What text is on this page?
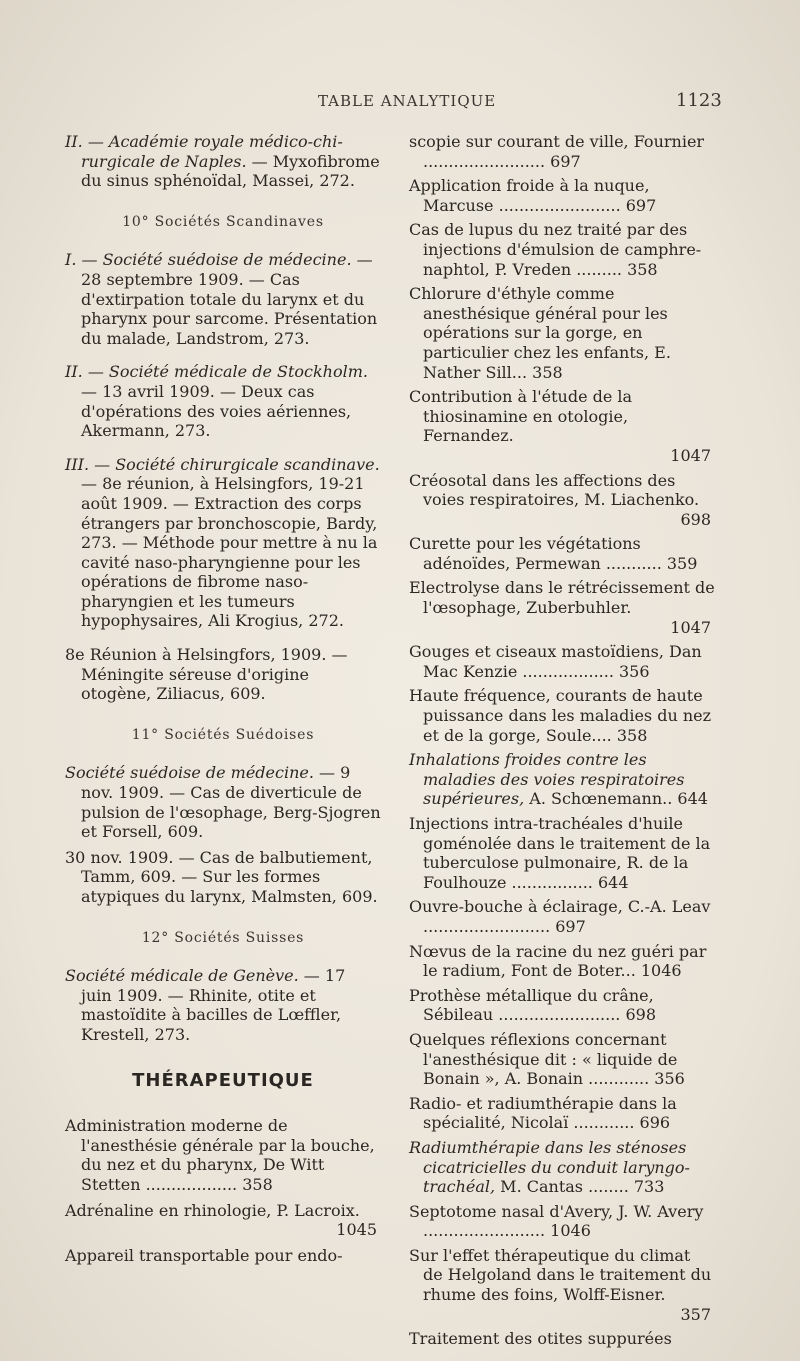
TABLE ANALYTIQUE	1123

II. — Académie royale médico-chi-rurgicale de Naples. — Myxofibrome du sinus sphénoïdal, Massei, 272.

10° Sociétés Scandinaves

I. — Société suédoise de médecine. — 28 septembre 1909. — Cas d'extirpation totale du larynx et du pharynx pour sarcome. Présentation du malade, Landstrom, 273.

II. — Société médicale de Stockholm. — 13 avril 1909. — Deux cas d'opérations des voies aériennes, Akermann, 273.

III. — Société chirurgicale scandinave. — 8e réunion, à Helsingfors, 19-21 août 1909. — Extraction des corps étrangers par bronchoscopie, Bardy, 273. — Méthode pour mettre à nu la cavité naso-pharyngienne pour les opérations de fibrome naso-pharyngien et les tumeurs hypophysaires, Ali Krogius, 272.

8e Réunion à Helsingfors, 1909. — Méningite séreuse d'origine otogène, Ziliacus, 609.

11° Sociétés Suédoises

Société suédoise de médecine. — 9 nov. 1909. — Cas de diverticule de pulsion de l'œsophage, Berg-Sjogren et Forsell, 609.

30 nov. 1909. — Cas de balbutiement, Tamm, 609. — Sur les formes atypiques du larynx, Malmsten, 609.

12° Sociétés Suisses

Société médicale de Genève. — 17 juin 1909. — Rhinite, otite et mastoïdite à bacilles de Lœffler, Krestell, 273.

THÉRAPEUTIQUE

Administration moderne de l'anesthésie générale par la bouche, du nez et du pharynx, De Witt Stetten .................. 358

Adrénaline en rhinologie, P. Lacroix.

1045

Appareil transportable pour endo-

scopie sur courant de ville, Fournier ........................ 697

Application froide à la nuque, Marcuse ........................ 697

Cas de lupus du nez traité par des injections d'émulsion de camphre-naphtol, P. Vreden ......... 358

Chlorure d'éthyle comme anesthésique général pour les opérations sur la gorge, en particulier chez les enfants, E. Nather Sill... 358

Contribution à l'étude de la thiosinamine en otologie, Fernandez.

1047

Créosotal dans les affections des voies respiratoires, M. Liachenko.

698

Curette pour les végétations adénoïdes, Permewan ........... 359

Electrolyse dans le rétrécissement de l'œsophage, Zuberbuhler.

1047

Gouges et ciseaux mastoïdiens, Dan Mac Kenzie .................. 356

Haute fréquence, courants de haute puissance dans les maladies du nez et de la gorge, Soule.... 358

Inhalations froides contre les maladies des voies respiratoires supérieures, A. Schœnemann.. 644

Injections intra-trachéales d'huile goménolée dans le traitement de la tuberculose pulmonaire, R. de la Foulhouze ................ 644

Ouvre-bouche à éclairage, C.-A. Leav ......................... 697

Nœvus de la racine du nez guéri par le radium, Font de Boter... 1046

Prothèse métallique du crâne, Sébileau ........................ 698

Quelques réflexions concernant l'anesthésique dit : « liquide de Bonain », A. Bonain ............ 356

Radio- et radiumthérapie dans la spécialité, Nicolaï ............ 696

Radiumthérapie dans les sténoses cicatricielles du conduit laryngo-trachéal, M. Cantas ........ 733

Septotome nasal d'Avery, J. W. Avery ........................ 1046

Sur l'effet thérapeutique du climat de Helgoland dans le traitement du rhume des foins, Wolff-Eisner.

357

Traitement des otites suppurées
